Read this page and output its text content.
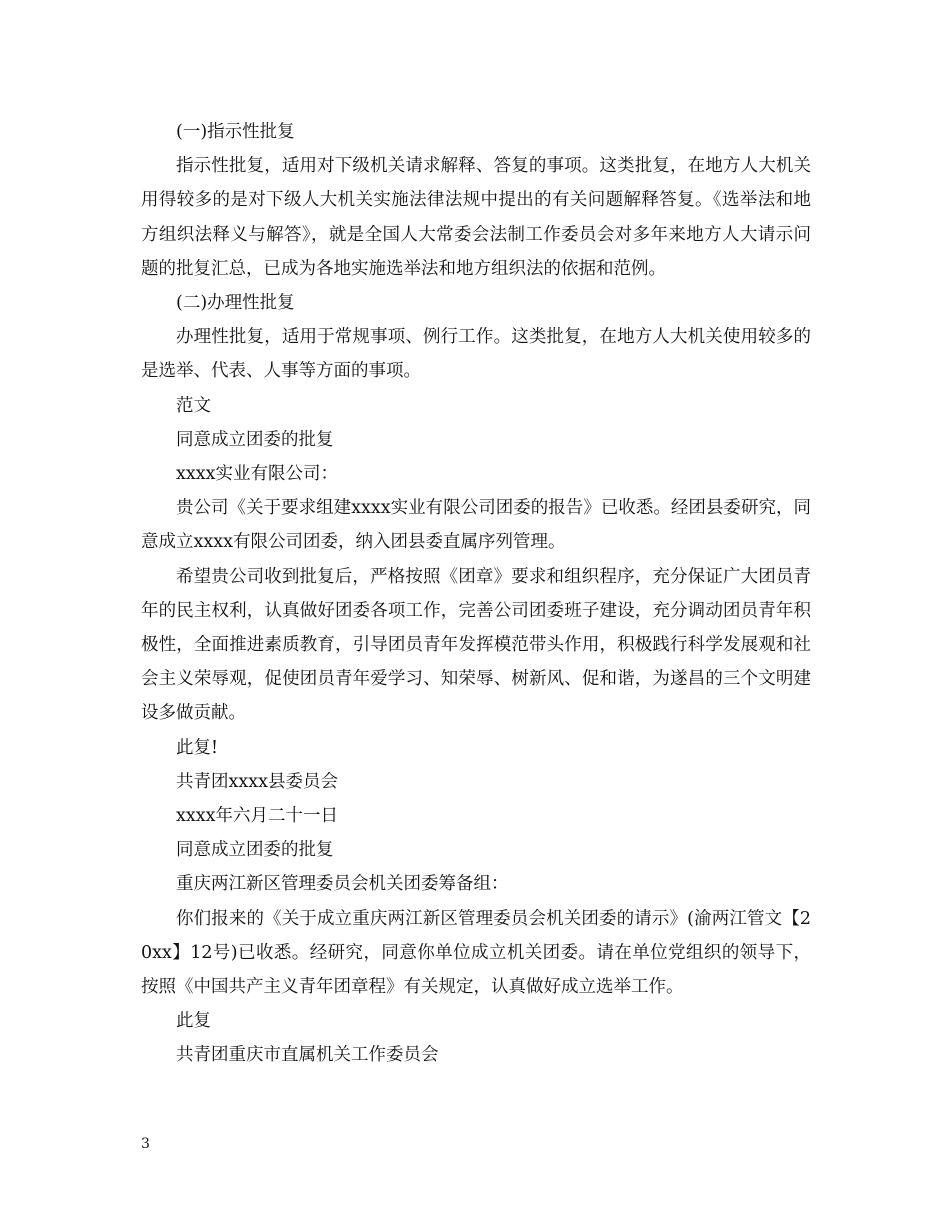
(一)指示性批复

指示性批复，适用对下级机关请求解释、答复的事项。这类批复，在地方人大机关用得较多的是对下级人大机关实施法律法规中提出的有关问题解释答复。《选举法和地方组织法释义与解答》，就是全国人大常委会法制工作委员会对多年来地方人大请示问题的批复汇总，已成为各地实施选举法和地方组织法的依据和范例。

(二)办理性批复

办理性批复，适用于常规事项、例行工作。这类批复，在地方人大机关使用较多的是选举、代表、人事等方面的事项。

范文

同意成立团委的批复

xxxx实业有限公司：

贵公司《关于要求组建xxxx实业有限公司团委的报告》已收悉。经团县委研究，同意成立xxxx有限公司团委，纳入团县委直属序列管理。

希望贵公司收到批复后，严格按照《团章》要求和组织程序，充分保证广大团员青年的民主权利，认真做好团委各项工作，完善公司团委班子建设，充分调动团员青年积极性，全面推进素质教育，引导团员青年发挥模范带头作用，积极践行科学发展观和社会主义荣辱观，促使团员青年爱学习、知荣辱、树新风、促和谐，为遂昌的三个文明建设多做贡献。

此复!

共青团xxxx县委员会

xxxx年六月二十一日

同意成立团委的批复

重庆两江新区管理委员会机关团委筹备组：

你们报来的《关于成立重庆两江新区管理委员会机关团委的请示》(渝两江管文【20xx】12号)已收悉。经研究，同意你单位成立机关团委。请在单位党组织的领导下，按照《中国共产主义青年团章程》有关规定，认真做好成立选举工作。

此复

共青团重庆市直属机关工作委员会

3
